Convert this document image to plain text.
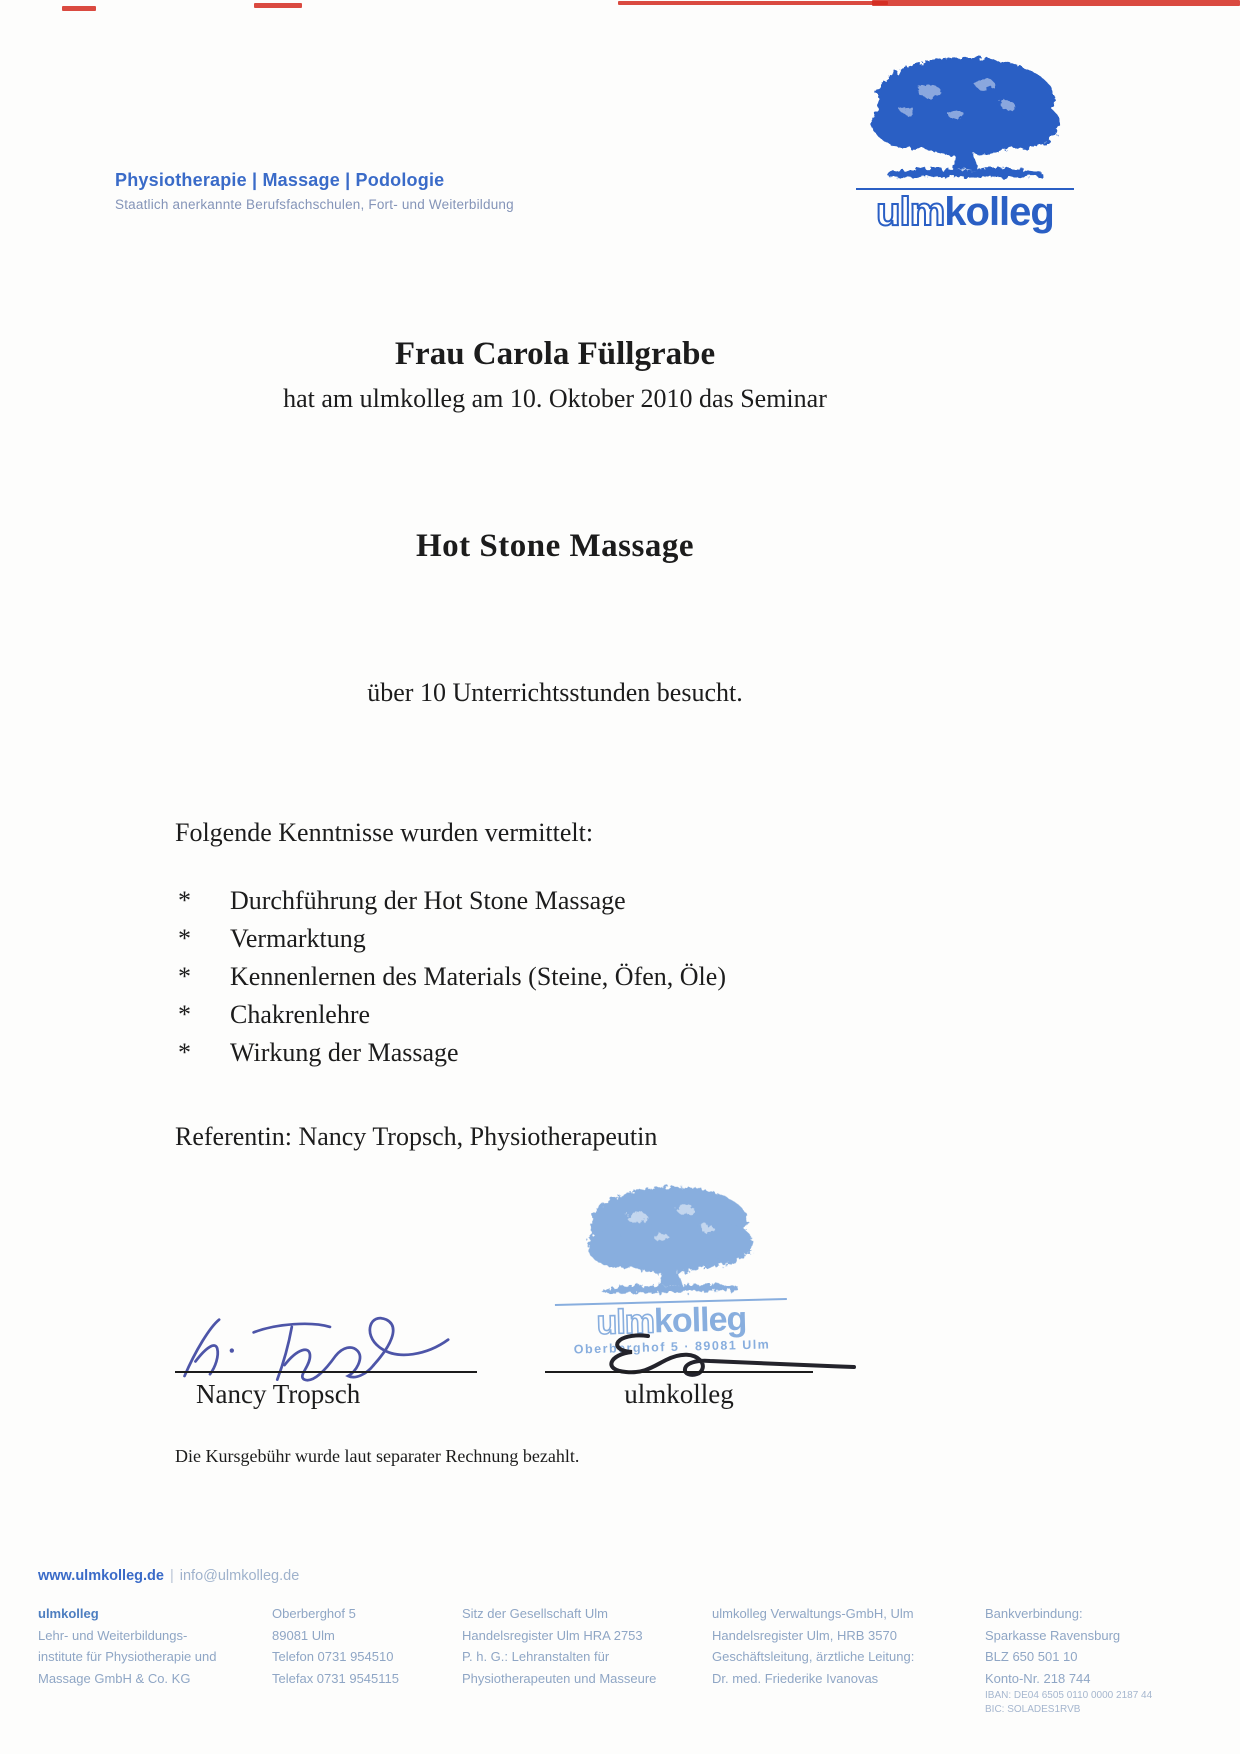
Physiotherapie | Massage | Podologie
Staatlich anerkannte Berufsfachschulen, Fort- und Weiterbildung	ulmkolleg
Frau Carola Füllgrabe
hat am ulmkolleg am 10. Oktober 2010 das Seminar
Hot Stone Massage
über 10 Unterrichtsstunden besucht.
Folgende Kenntnisse wurden vermittelt:
* Durchführung der Hot Stone Massage
* Vermarktung
* Kennenlernen des Materials (Steine, Öfen, Öle)
* Chakrenlehre
* Wirkung der Massage
Referentin: Nancy Tropsch, Physiotherapeutin
ulmkolleg
Oberberghof 5 · 89081 Ulm
Nancy Tropsch	ulmkolleg
Die Kursgebühr wurde laut separater Rechnung bezahlt.
www.ulmkolleg.de | info@ulmkolleg.de
ulmkolleg
Lehr- und Weiterbildungs-
institute für Physiotherapie und
Massage GmbH & Co. KG
Oberberghof 5
89081 Ulm
Telefon 0731 954510
Telefax 0731 9545115
Sitz der Gesellschaft Ulm
Handelsregister Ulm HRA 2753
P. h. G.: Lehranstalten für
Physiotherapeuten und Masseure
ulmkolleg Verwaltungs-GmbH, Ulm
Handelsregister Ulm, HRB 3570
Geschäftsleitung, ärztliche Leitung:
Dr. med. Friederike Ivanovas
Bankverbindung:
Sparkasse Ravensburg
BLZ 650 501 10
Konto-Nr. 218 744
IBAN: DE04 6505 0110 0000 2187 44
BIC: SOLADES1RVB
